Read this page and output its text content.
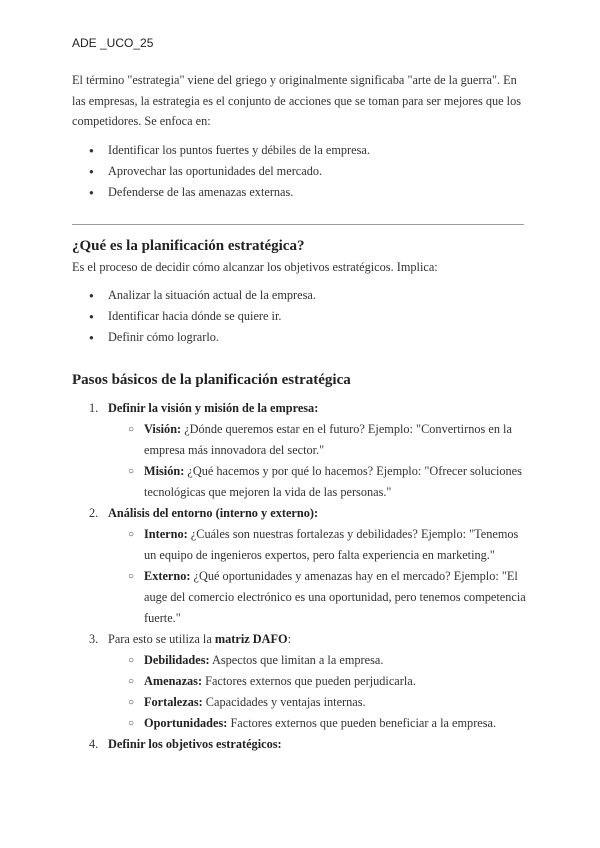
ADE _UCO_25

El término "estrategia" viene del griego y originalmente significaba "arte de la guerra". En las empresas, la estrategia es el conjunto de acciones que se toman para ser mejores que los competidores. Se enfoca en:

● Identificar los puntos fuertes y débiles de la empresa.
● Aprovechar las oportunidades del mercado.
● Defenderse de las amenazas externas.
¿Qué es la planificación estratégica?

Es el proceso de decidir cómo alcanzar los objetivos estratégicos. Implica:

● Analizar la situación actual de la empresa.
● Identificar hacia dónde se quiere ir.
● Definir cómo lograrlo.
Pasos básicos de la planificación estratégica
1. Definir la visión y misión de la empresa:
○ Visión: ¿Dónde queremos estar en el futuro? Ejemplo: "Convertirnos en la empresa más innovadora del sector."
○ Misión: ¿Qué hacemos y por qué lo hacemos? Ejemplo: "Ofrecer soluciones tecnológicas que mejoren la vida de las personas."
2. Análisis del entorno (interno y externo):
○ Interno: ¿Cuáles son nuestras fortalezas y debilidades? Ejemplo: "Tenemos un equipo de ingenieros expertos, pero falta experiencia en marketing."
○ Externo: ¿Qué oportunidades y amenazas hay en el mercado? Ejemplo: "El auge del comercio electrónico es una oportunidad, pero tenemos competencia fuerte."
3. Para esto se utiliza la matriz DAFO:
○ Debilidades: Aspectos que limitan a la empresa.
○ Amenazas: Factores externos que pueden perjudicarla.
○ Fortalezas: Capacidades y ventajas internas.
○ Oportunidades: Factores externos que pueden beneficiar a la empresa.
4. Definir los objetivos estratégicos:
